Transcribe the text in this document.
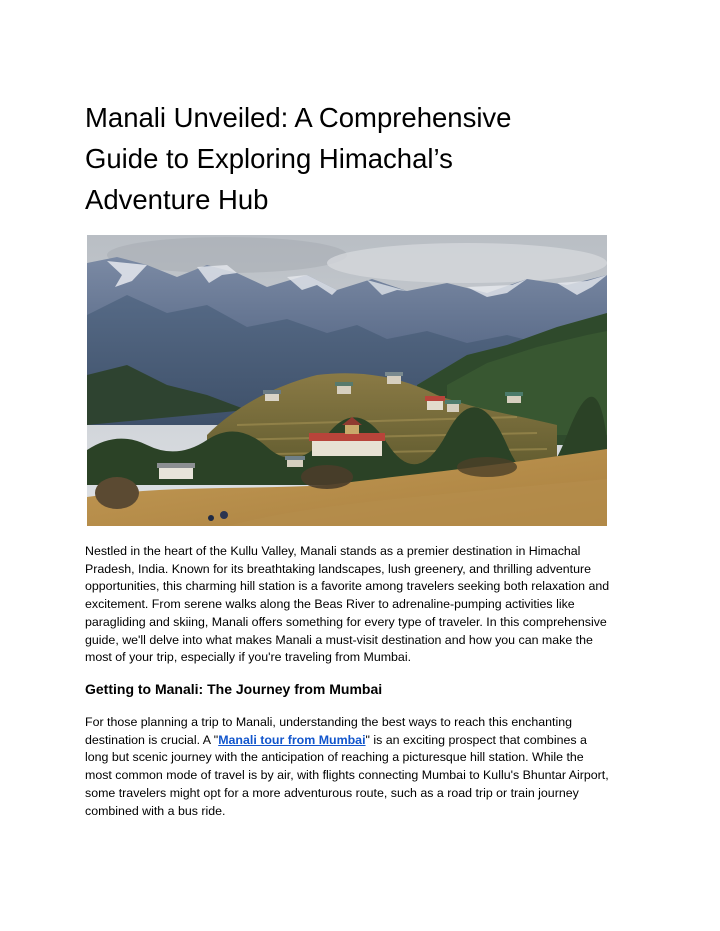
Manali Unveiled: A Comprehensive
Guide to Exploring Himachal’s
Adventure Hub

Nestled in the heart of the Kullu Valley, Manali stands as a premier destination in Himachal
Pradesh, India. Known for its breathtaking landscapes, lush greenery, and thrilling adventure
opportunities, this charming hill station is a favorite among travelers seeking both relaxation and
excitement. From serene walks along the Beas River to adrenaline-pumping activities like
paragliding and skiing, Manali offers something for every type of traveler. In this comprehensive
guide, we'll delve into what makes Manali a must-visit destination and how you can make the
most of your trip, especially if you're traveling from Mumbai.

Getting to Manali: The Journey from Mumbai

For those planning a trip to Manali, understanding the best ways to reach this enchanting
destination is crucial. A "Manali tour from Mumbai" is an exciting prospect that combines a
long but scenic journey with the anticipation of reaching a picturesque hill station. While the
most common mode of travel is by air, with flights connecting Mumbai to Kullu's Bhuntar Airport,
some travelers might opt for a more adventurous route, such as a road trip or train journey
combined with a bus ride.
